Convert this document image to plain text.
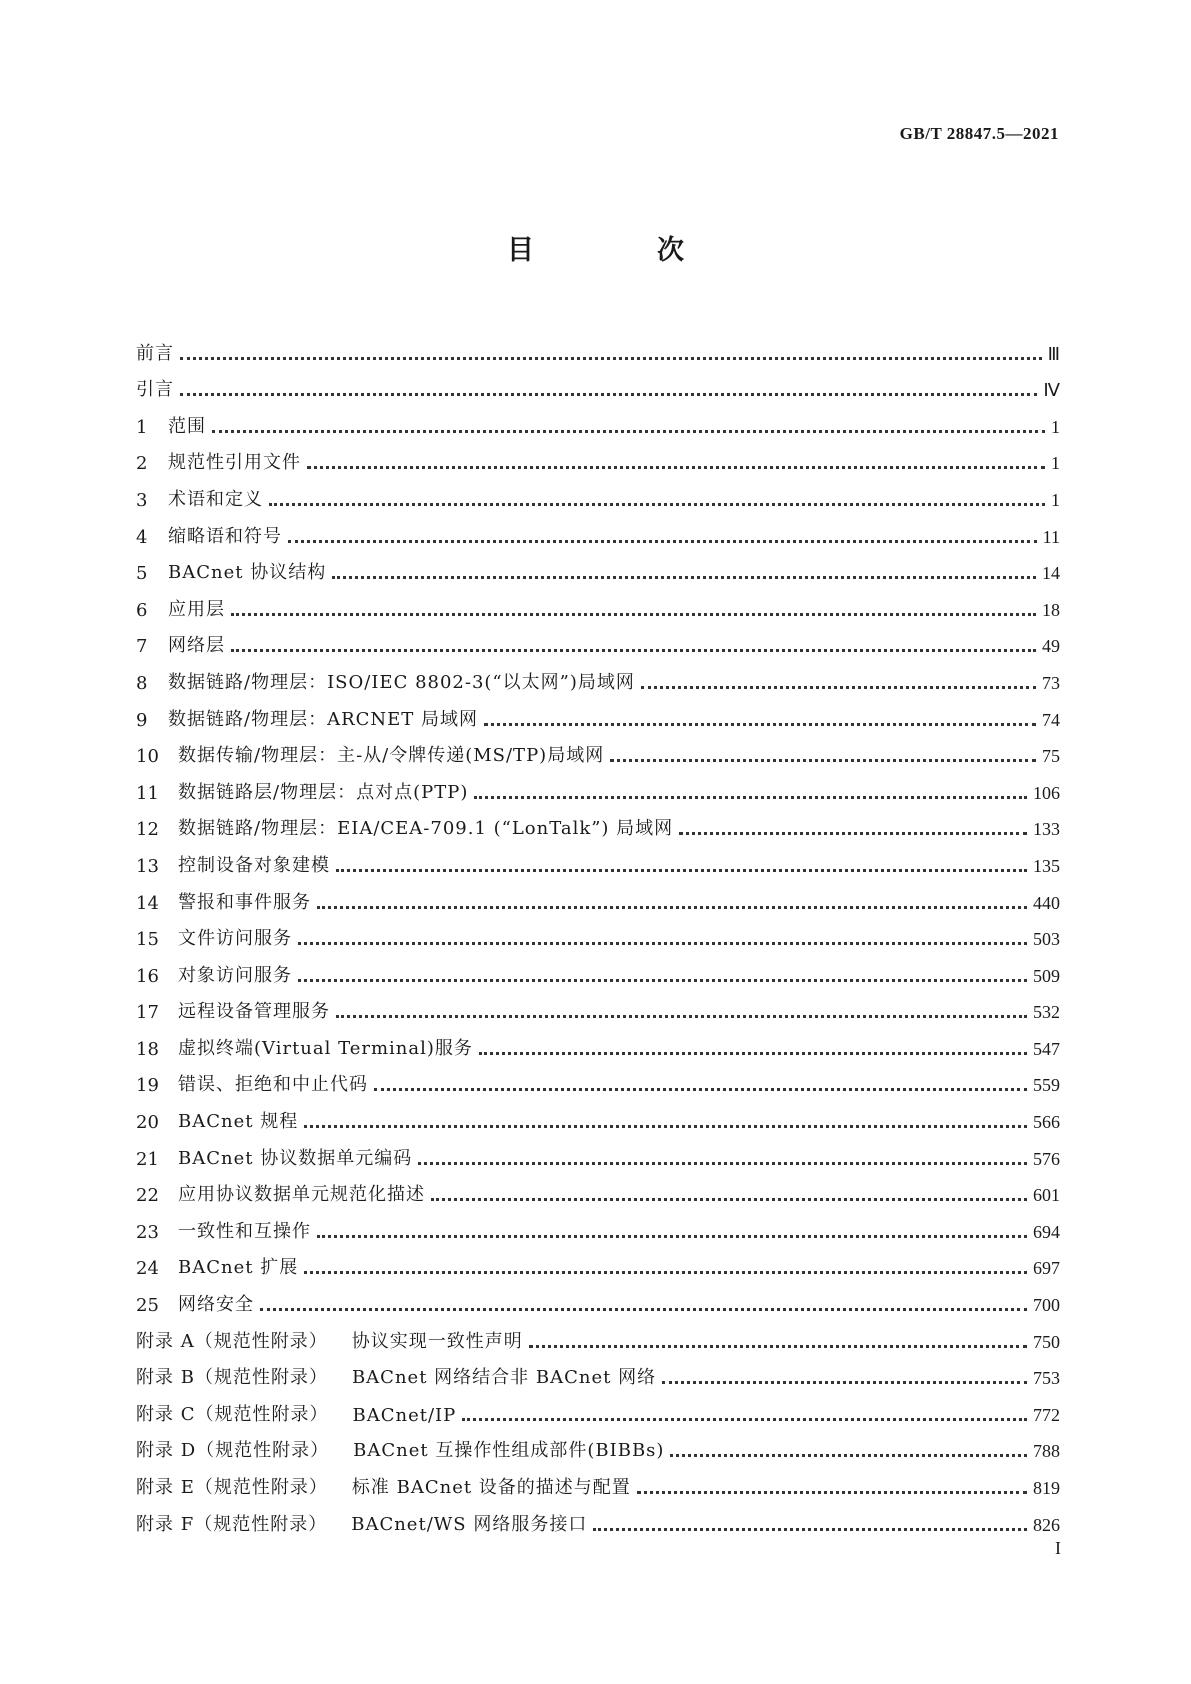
GB/T 28847.5—2021
目　次
前言	Ⅲ
引言	Ⅳ
1	范围	1
2	规范性引用文件	1
3	术语和定义	1
4	缩略语和符号	11
5	BACnet 协议结构	14
6	应用层	18
7	网络层	49
8	数据链路/物理层：ISO/IEC 8802-3(“以太网”)局域网	73
9	数据链路/物理层：ARCNET 局域网	74
10	数据传输/物理层：主-从/令牌传递(MS/TP)局域网	75
11	数据链路层/物理层：点对点(PTP)	106
12	数据链路/物理层：EIA/CEA-709.1 (“LonTalk”) 局域网	133
13	控制设备对象建模	135
14	警报和事件服务	440
15	文件访问服务	503
16	对象访问服务	509
17	远程设备管理服务	532
18	虚拟终端(Virtual Terminal)服务	547
19	错误、拒绝和中止代码	559
20	BACnet 规程	566
21	BACnet 协议数据单元编码	576
22	应用协议数据单元规范化描述	601
23	一致性和互操作	694
24	BACnet 扩展	697
25	网络安全	700
附录 A（规范性附录） 协议实现一致性声明	750
附录 B（规范性附录） BACnet 网络结合非 BACnet 网络	753
附录 C（规范性附录） BACnet/IP	772
附录 D（规范性附录） BACnet 互操作性组成部件(BIBBs)	788
附录 E（规范性附录） 标准 BACnet 设备的描述与配置	819
附录 F（规范性附录） BACnet/WS 网络服务接口	826
I
